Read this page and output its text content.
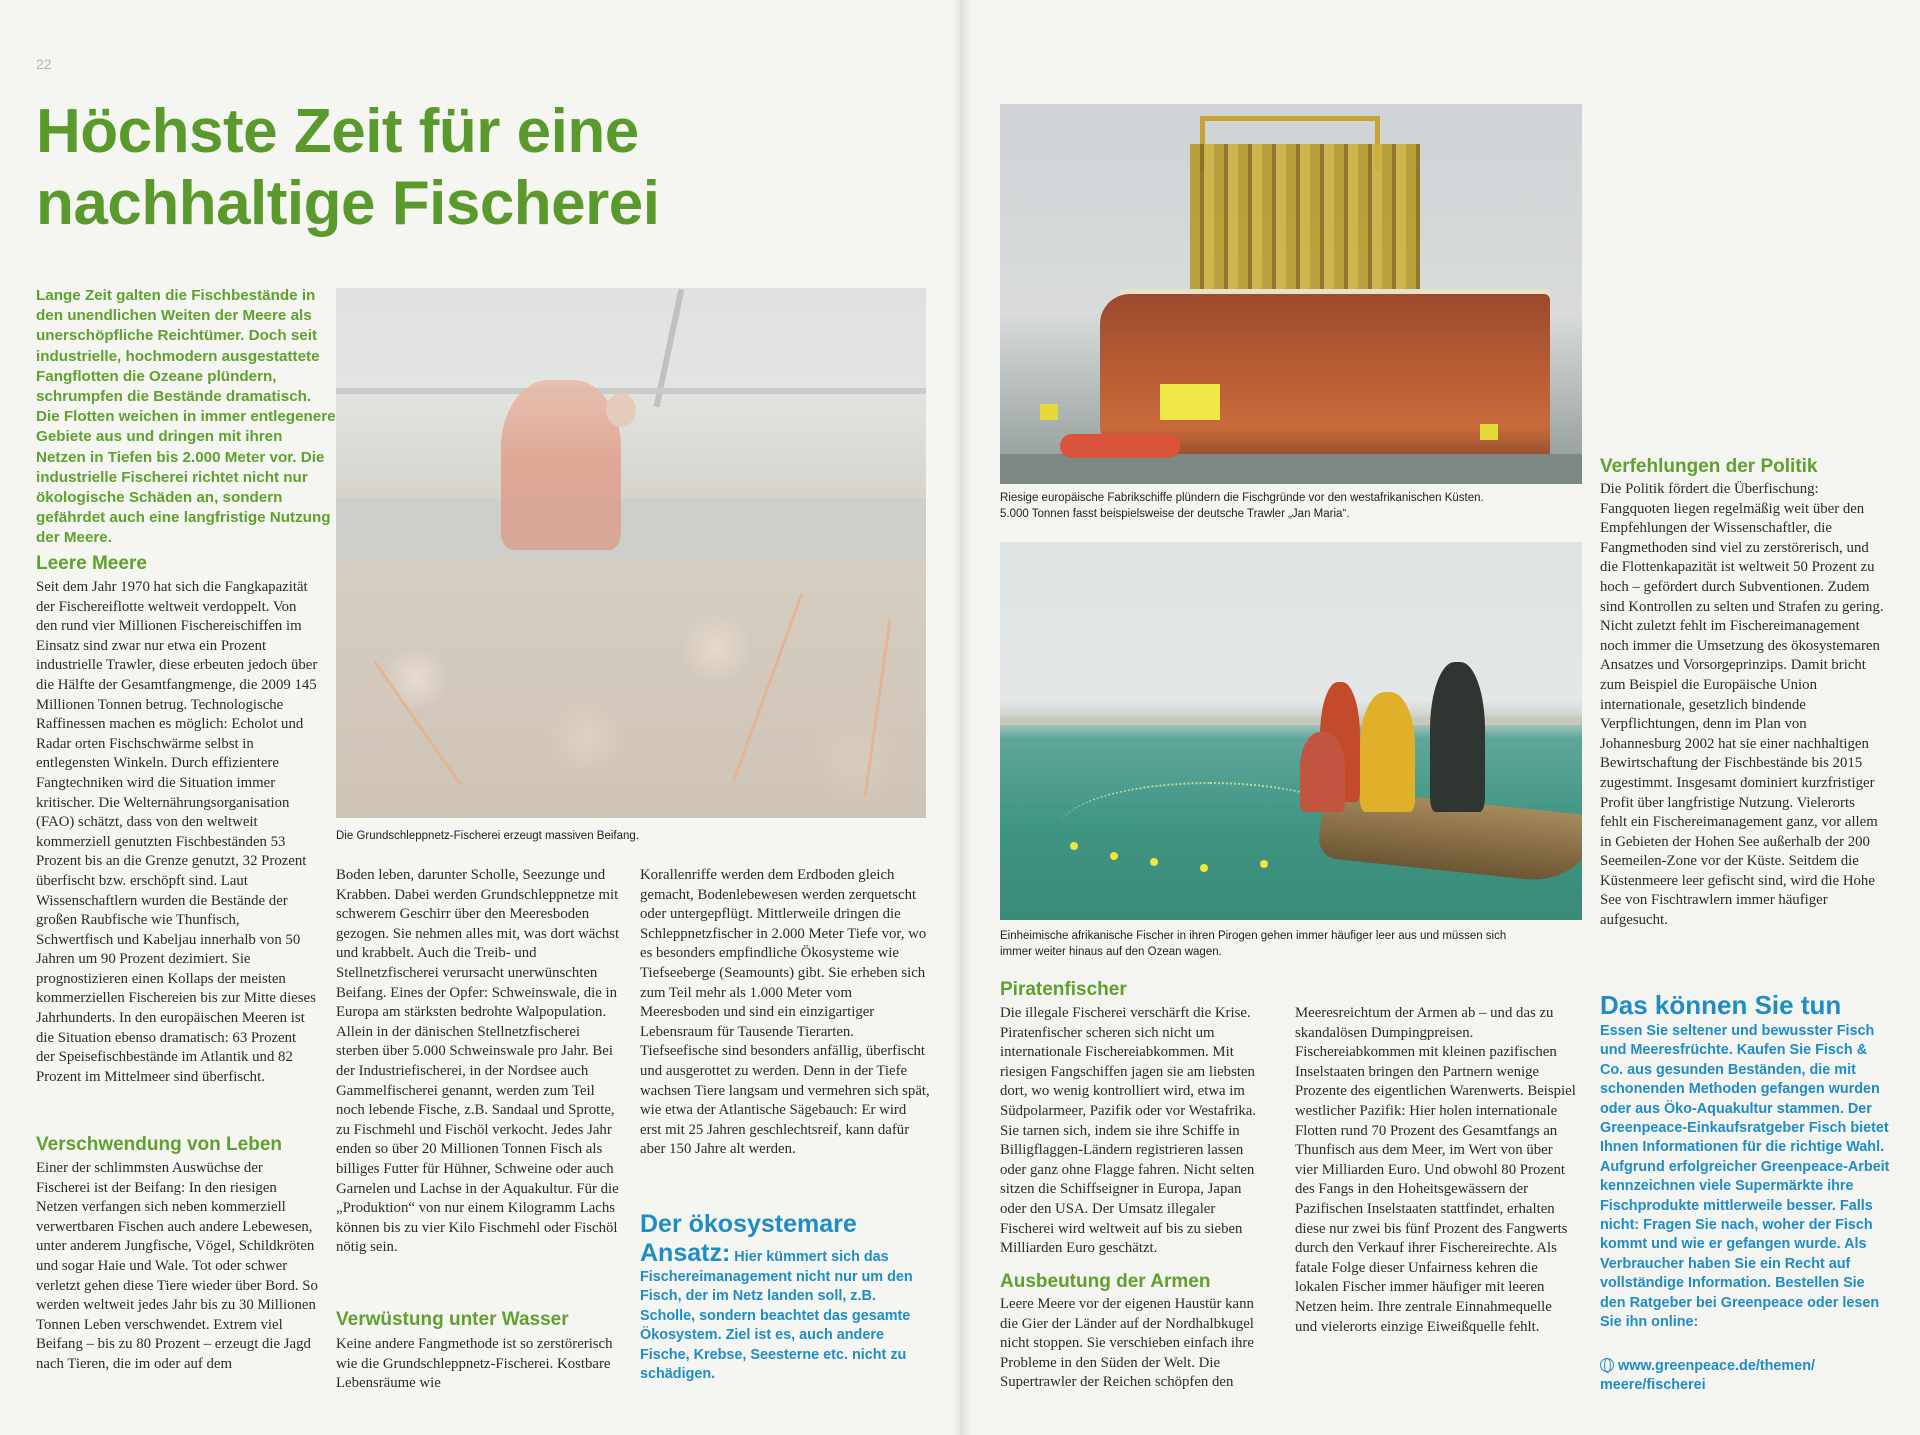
22
Höchste Zeit für eine nachhaltige Fischerei

Lange Zeit galten die Fischbestände in den unendlichen Weiten der Meere als unerschöpfliche Reichtümer. Doch seit industrielle, hochmodern ausgestattete Fangflotten die Ozeane plündern, schrumpfen die Bestände dramatisch. Die Flotten weichen in immer entlegenere Gebiete aus und dringen mit ihren Netzen in Tiefen bis 2.000 Meter vor. Die industrielle Fischerei richtet nicht nur ökologische Schäden an, sondern gefährdet auch eine langfristige Nutzung der Meere.

Die Grundschleppnetz-Fischerei erzeugt massiven Beifang.

Leere Meere

Seit dem Jahr 1970 hat sich die Fangkapazität der Fischereiflotte weltweit verdoppelt. Von den rund vier Millionen Fischereischiffen im Einsatz sind zwar nur etwa ein Prozent industrielle Trawler, diese erbeuten jedoch über die Hälfte der Gesamtfangmenge, die 2009 145 Millionen Tonnen betrug. Technologische Raffinessen machen es möglich: Echolot und Radar orten Fischschwärme selbst in entlegensten Winkeln. Durch effizientere Fangtechniken wird die Situation immer kritischer. Die Welternährungsorganisation (FAO) schätzt, dass von den weltweit kommerziell genutzten Fischbeständen 53 Prozent bis an die Grenze genutzt, 32 Prozent überfischt bzw. erschöpft sind. Laut Wissenschaftlern wurden die Bestände der großen Raubfische wie Thunfisch, Schwertfisch und Kabeljau innerhalb von 50 Jahren um 90 Prozent dezimiert. Sie prognostizieren einen Kollaps der meisten kommerziellen Fischereien bis zur Mitte dieses Jahrhunderts. In den europäischen Meeren ist die Situation ebenso dramatisch: 63 Prozent der Speisefischbestände im Atlantik und 82 Prozent im Mittelmeer sind überfischt.

Verschwendung von Leben

Einer der schlimmsten Auswüchse der Fischerei ist der Beifang: In den riesigen Netzen verfangen sich neben kommerziell verwertbaren Fischen auch andere Lebewesen, unter anderem Jungfische, Vögel, Schildkröten und sogar Haie und Wale. Tot oder schwer verletzt gehen diese Tiere wieder über Bord. So werden weltweit jedes Jahr bis zu 30 Millionen Tonnen Leben verschwendet. Extrem viel Beifang – bis zu 80 Prozent – erzeugt die Jagd nach Tieren, die im oder auf dem

Boden leben, darunter Scholle, Seezunge und Krabben. Dabei werden Grundschleppnetze mit schwerem Geschirr über den Meeresboden gezogen. Sie nehmen alles mit, was dort wächst und krabbelt. Auch die Treib- und Stellnetzfischerei verursacht unerwünschten Beifang. Eines der Opfer: Schweinswale, die in Europa am stärksten bedrohte Walpopulation. Allein in der dänischen Stellnetzfischerei sterben über 5.000 Schweinswale pro Jahr. Bei der Industriefischerei, in der Nordsee auch Gammelfischerei genannt, werden zum Teil noch lebende Fische, z.B. Sandaal und Sprotte, zu Fischmehl und Fischöl verkocht. Jedes Jahr enden so über 20 Millionen Tonnen Fisch als billiges Futter für Hühner, Schweine oder auch Garnelen und Lachse in der Aquakultur. Für die „Produktion“ von nur einem Kilogramm Lachs können bis zu vier Kilo Fischmehl oder Fischöl nötig sein.

Verwüstung unter Wasser

Keine andere Fangmethode ist so zerstörerisch wie die Grundschleppnetz-Fischerei. Kostbare Lebensräume wie

Korallenriffe werden dem Erdboden gleich gemacht, Bodenlebewesen werden zerquetscht oder untergepflügt. Mittlerweile dringen die Schleppnetzfischer in 2.000 Meter Tiefe vor, wo es besonders empfindliche Ökosysteme wie Tiefseeberge (Seamounts) gibt. Sie erheben sich zum Teil mehr als 1.000 Meter vom Meeresboden und sind ein einzigartiger Lebensraum für Tausende Tierarten. Tiefseefische sind besonders anfällig, überfischt und ausgerottet zu werden. Denn in der Tiefe wachsen Tiere langsam und vermehren sich spät, wie etwa der Atlantische Sägebauch: Er wird erst mit 25 Jahren geschlechtsreif, kann dafür aber 150 Jahre alt werden.

Der ökosystemare Ansatz: Hier kümmert sich das Fischereimanagement nicht nur um den Fisch, der im Netz landen soll, z.B. Scholle, sondern beachtet das gesamte Ökosystem. Ziel ist es, auch andere Fische, Krebse, Seesterne etc. nicht zu schädigen.

Riesige europäische Fabrikschiffe plündern die Fischgründe vor den westafrikanischen Küsten.

5.000 Tonnen fasst beispielsweise der deutsche Trawler „Jan Maria“.

Einheimische afrikanische Fischer in ihren Pirogen gehen immer häufiger leer aus und müssen sich

immer weiter hinaus auf den Ozean wagen.

Piratenfischer

Die illegale Fischerei verschärft die Krise. Piratenfischer scheren sich nicht um internationale Fischereiabkommen. Mit riesigen Fangschiffen jagen sie am liebsten dort, wo wenig kontrolliert wird, etwa im Südpolarmeer, Pazifik oder vor Westafrika. Sie tarnen sich, indem sie ihre Schiffe in Billigflaggen-Ländern registrieren lassen oder ganz ohne Flagge fahren. Nicht selten sitzen die Schiffseigner in Europa, Japan oder den USA. Der Umsatz illegaler Fischerei wird weltweit auf bis zu sieben Milliarden Euro geschätzt.

Ausbeutung der Armen

Leere Meere vor der eigenen Haustür kann die Gier der Länder auf der Nordhalbkugel nicht stoppen. Sie verschieben einfach ihre Probleme in den Süden der Welt. Die Supertrawler der Reichen schöpfen den

Meeresreichtum der Armen ab – und das zu skandalösen Dumpingpreisen. Fischereiabkommen mit kleinen pazifischen Inselstaaten bringen den Partnern wenige Prozente des eigentlichen Warenwerts. Beispiel westlicher Pazifik: Hier holen internationale Flotten rund 70 Prozent des Gesamtfangs an Thunfisch aus dem Meer, im Wert von über vier Milliarden Euro. Und obwohl 80 Prozent des Fangs in den Hoheitsgewässern der Pazifischen Inselstaaten stattfindet, erhalten diese nur zwei bis fünf Prozent des Fangwerts durch den Verkauf ihrer Fischereirechte. Als fatale Folge dieser Unfairness kehren die lokalen Fischer immer häufiger mit leeren Netzen heim. Ihre zentrale Einnahmequelle und vielerorts einzige Eiweißquelle fehlt.

Verfehlungen der Politik

Die Politik fördert die Überfischung: Fangquoten liegen regelmäßig weit über den Empfehlungen der Wissenschaftler, die Fangmethoden sind viel zu zerstörerisch, und die Flottenkapazität ist weltweit 50 Prozent zu hoch – gefördert durch Subventionen. Zudem sind Kontrollen zu selten und Strafen zu gering. Nicht zuletzt fehlt im Fischereimanagement noch immer die Umsetzung des ökosystemaren Ansatzes und Vorsorgeprinzips. Damit bricht zum Beispiel die Europäische Union internationale, gesetzlich bindende Verpflichtungen, denn im Plan von Johannesburg 2002 hat sie einer nachhaltigen Bewirtschaftung der Fischbestände bis 2015 zugestimmt. Insgesamt dominiert kurzfristiger Profit über langfristige Nutzung. Vielerorts fehlt ein Fischereimanagement ganz, vor allem in Gebieten der Hohen See außerhalb der 200 Seemeilen-Zone vor der Küste. Seitdem die Küstenmeere leer gefischt sind, wird die Hohe See von Fischtrawlern immer häufiger aufgesucht.

Das können Sie tun

Essen Sie seltener und bewusster Fisch und Meeresfrüchte. Kaufen Sie Fisch & Co. aus gesunden Beständen, die mit schonenden Methoden gefangen wurden oder aus Öko-Aquakultur stammen. Der Greenpeace-Einkaufsratgeber Fisch bietet Ihnen Informationen für die richtige Wahl. Aufgrund erfolgreicher Greenpeace-Arbeit kennzeichnen viele Supermärkte ihre Fischprodukte mittlerweile besser. Falls nicht: Fragen Sie nach, woher der Fisch kommt und wie er gefangen wurde. Als Verbraucher haben Sie ein Recht auf vollständige Information. Bestellen Sie den Ratgeber bei Greenpeace oder lesen Sie ihn online:

www.greenpeace.de/themen/
meere/fischerei
